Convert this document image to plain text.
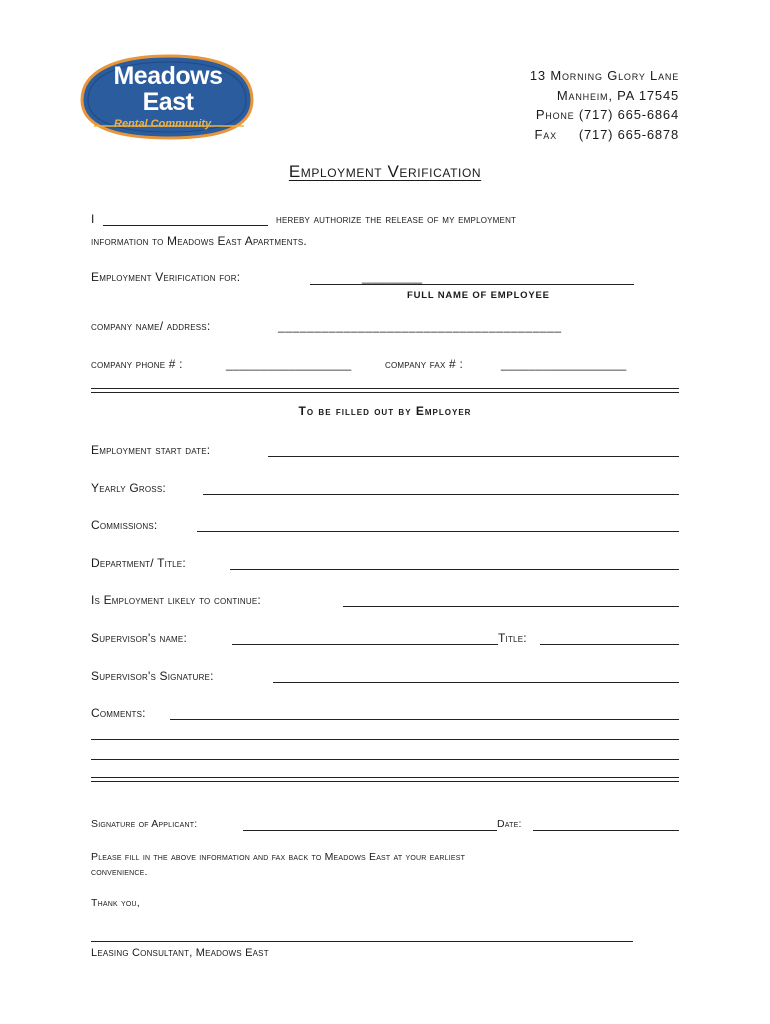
Meadows
East
Rental Community
13 Morning Glory Lane
Manheim, PA 17545
Phone (717) 665-6864
Fax (717) 665-6878
Employment Verification
I	hereby authorize the release of my employment
information to Meadows East Apartments.
Employment Verification for:	_________
FULL NAME OF EMPLOYEE
company name/ address:	_______________________________________
company phone # :	__________________	company fax # :	__________________
To be filled out by Employer
Employment start date:
Yearly Gross:
Commissions:
Department/ Title:
Is Employment likely to continue:
Supervisor's name:	Title:
Supervisor's Signature:
Comments:
Signature of Applicant:	Date:
Please fill in the above information and fax back to Meadows East at your earliest
convenience.
Thank you,
Leasing Consultant, Meadows East
